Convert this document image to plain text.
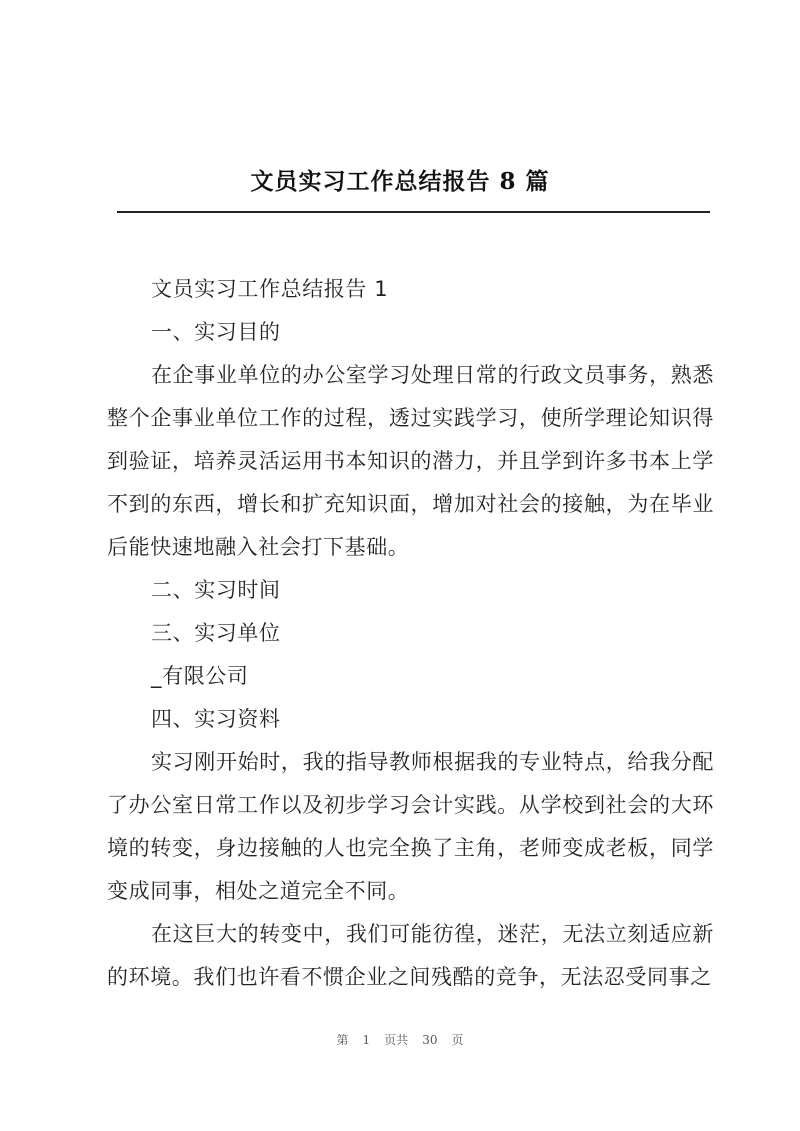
文员实习工作总结报告 8 篇

文员实习工作总结报告 1

一、实习目的

在企事业单位的办公室学习处理日常的行政文员事务，熟悉整个企事业单位工作的过程，透过实践学习，使所学理论知识得到验证，培养灵活运用书本知识的潜力，并且学到许多书本上学不到的东西，增长和扩充知识面，增加对社会的接触，为在毕业后能快速地融入社会打下基础。

二、实习时间

三、实习单位

_有限公司

四、实习资料

实习刚开始时，我的指导教师根据我的专业特点，给我分配了办公室日常工作以及初步学习会计实践。从学校到社会的大环境的转变，身边接触的人也完全换了主角，老师变成老板，同学变成同事，相处之道完全不同。

在这巨大的转变中，我们可能彷徨，迷茫，无法立刻适应新的环境。我们也许看不惯企业之间残酷的竞争，无法忍受同事之

第 1 页共 30 页
